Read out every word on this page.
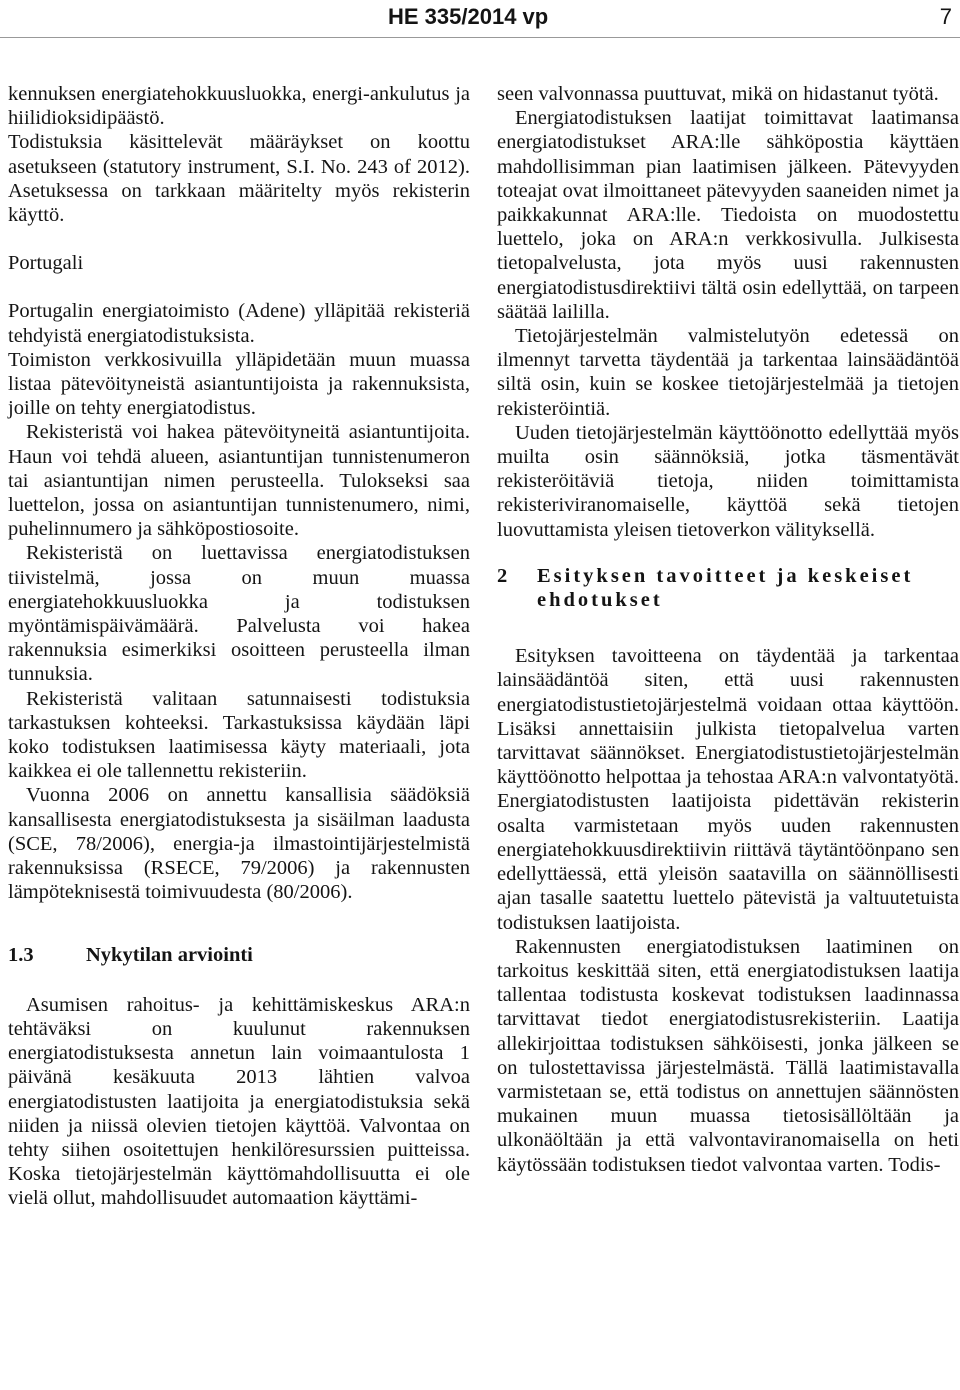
HE 335/2014 vp	7

kennuksen energiatehokkuusluokka, energi-ankulutus ja hiilidioksidipäästö.

Todistuksia käsittelevät määräykset on koottu asetukseen (statutory instrument, S.I. No. 243 of 2012). Asetuksessa on tarkkaan määritelty myös rekisterin käyttö.

Portugali

Portugalin energiatoimisto (Adene) ylläpitää rekisteriä tehdyistä energiatodistuksista.

Toimiston verkkosivuilla ylläpidetään muun muassa listaa pätevöityneistä asiantuntijoista ja rakennuksista, joille on tehty energiatodistus.

Rekisteristä voi hakea pätevöityneitä asiantuntijoita. Haun voi tehdä alueen, asiantuntijan tunnistenumeron tai asiantuntijan nimen perusteella. Tulokseksi saa luettelon, jossa on asiantuntijan tunnistenumero, nimi, puhelinnumero ja sähköpostiosoite.

Rekisteristä on luettavissa energiatodistuksen tiivistelmä, jossa on muun muassa energiatehokkuusluokka ja todistuksen myöntämispäivämäärä. Palvelusta voi hakea rakennuksia esimerkiksi osoitteen perusteella ilman tunnuksia.

Rekisteristä valitaan satunnaisesti todistuksia tarkastuksen kohteeksi. Tarkastuksissa käydään läpi koko todistuksen laatimisessa käyty materiaali, jota kaikkea ei ole tallennettu rekisteriin.

Vuonna 2006 on annettu kansallisia säädöksiä kansallisesta energiatodistuksesta ja sisäilman laadusta (SCE, 78/2006), energia-ja ilmastointijärjestelmistä rakennuksissa (RSECE, 79/2006) ja rakennusten lämpöteknisestä toimivuudesta (80/2006).

1.3	Nykytilan arviointi

Asumisen rahoitus- ja kehittämiskeskus ARA:n tehtäväksi on kuulunut rakennuksen energiatodistuksesta annetun lain voimaantulosta 1 päivänä kesäkuuta 2013 lähtien valvoa energiatodistusten laatijoita ja energiatodistuksia sekä niiden ja niissä olevien tietojen käyttöä. Valvontaa on tehty siihen osoitettujen henkilöresurssien puitteissa. Koska tietojärjestelmän käyttömahdollisuutta ei ole vielä ollut, mahdollisuudet automaation käyttämi-

seen valvonnassa puuttuvat, mikä on hidastanut työtä.

Energiatodistuksen laatijat toimittavat laatimansa energiatodistukset ARA:lle sähköpostia käyttäen mahdollisimman pian laatimisen jälkeen. Pätevyyden toteajat ovat ilmoittaneet pätevyyden saaneiden nimet ja paikkakunnat ARA:lle. Tiedoista on muodostettu luettelo, joka on ARA:n verkkosivulla. Julkisesta tietopalvelusta, jota myös uusi rakennusten energiatodistusdirektiivi tältä osin edellyttää, on tarpeen säätää laililla.

Tietojärjestelmän valmistelutyön edetessä on ilmennyt tarvetta täydentää ja tarkentaa lainsäädäntöä siltä osin, kuin se koskee tietojärjestelmää ja tietojen rekisteröintiä.

Uuden tietojärjestelmän käyttöönotto edellyttää myös muilta osin säännöksiä, jotka täsmentävät rekisteröitäviä tietoja, niiden toimittamista rekisteriviranomaiselle, käyttöä sekä tietojen luovuttamista yleisen tietoverkon välityksellä.

2	Esityksen tavoitteet ja keskeiset ehdotukset

Esityksen tavoitteena on täydentää ja tarkentaa lainsäädäntöä siten, että uusi rakennusten energiatodistustietojärjestelmä voidaan ottaa käyttöön. Lisäksi annettaisiin julkista tietopalvelua varten tarvittavat säännökset. Energiatodistustietojärjestelmän käyttöönotto helpottaa ja tehostaa ARA:n valvontatyötä. Energiatodistusten laatijoista pidettävän rekisterin osalta varmistetaan myös uuden rakennusten energiatehokkuusdirektiivin riittävä täytäntöönpano sen edellyttäessä, että yleisön saatavilla on säännöllisesti ajan tasalle saatettu luettelo pätevistä ja valtuutetuista todistuksen laatijoista.

Rakennusten energiatodistuksen laatiminen on tarkoitus keskittää siten, että energiatodistuksen laatija tallentaa todistusta koskevat todistuksen laadinnassa tarvittavat tiedot energiatodistusrekisteriin. Laatija allekirjoittaa todistuksen sähköisesti, jonka jälkeen se on tulostettavissa järjestelmästä. Tällä laatimistavalla varmistetaan se, että todistus on annettujen säännösten mukainen muun muassa tietosisällöltään ja ulkonäöltään ja että valvontaviranomaisella on heti käytössään todistuksen tiedot valvontaa varten. Todis-
